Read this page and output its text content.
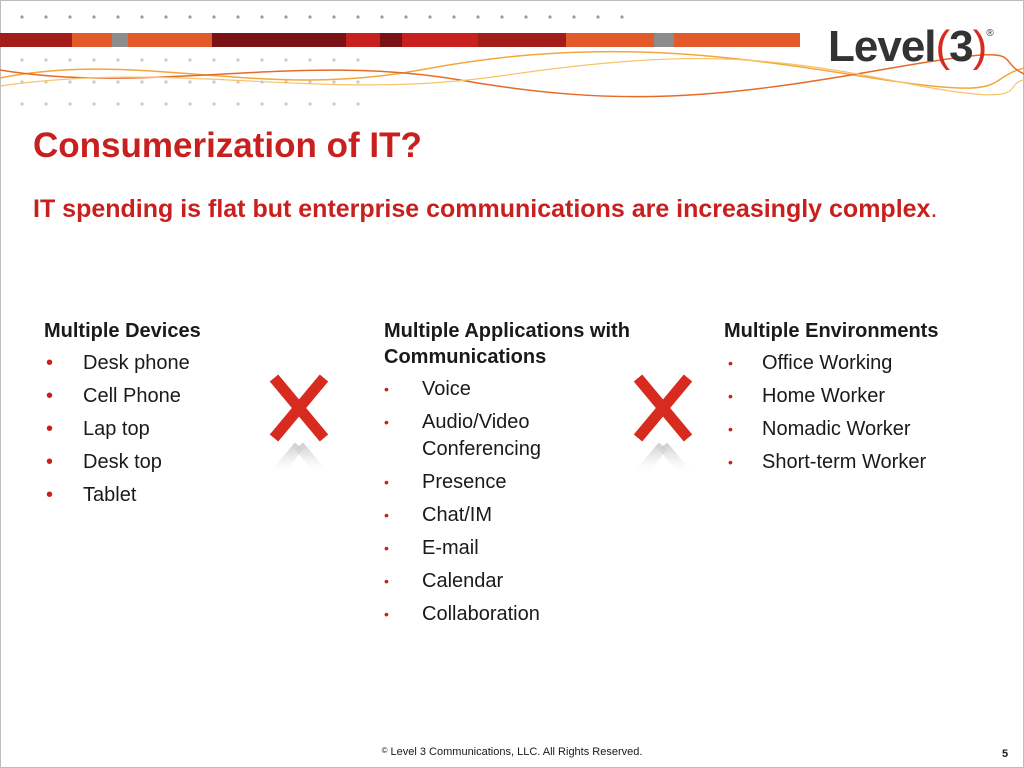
Level(3)®
Consumerization of IT?

IT spending is flat but enterprise communications are increasingly complex.

Multiple Devices
• Desk phone
• Cell Phone
• Lap top
• Desk top
• Tablet
Multiple Applications with Communications
• Voice
• Audio/Video Conferencing
• Presence
• Chat/IM
• E-mail
• Calendar
• Collaboration
Multiple Environments
• Office Working
• Home Worker
• Nomadic Worker
• Short-term Worker
© Level 3 Communications, LLC. All Rights Reserved.	5
